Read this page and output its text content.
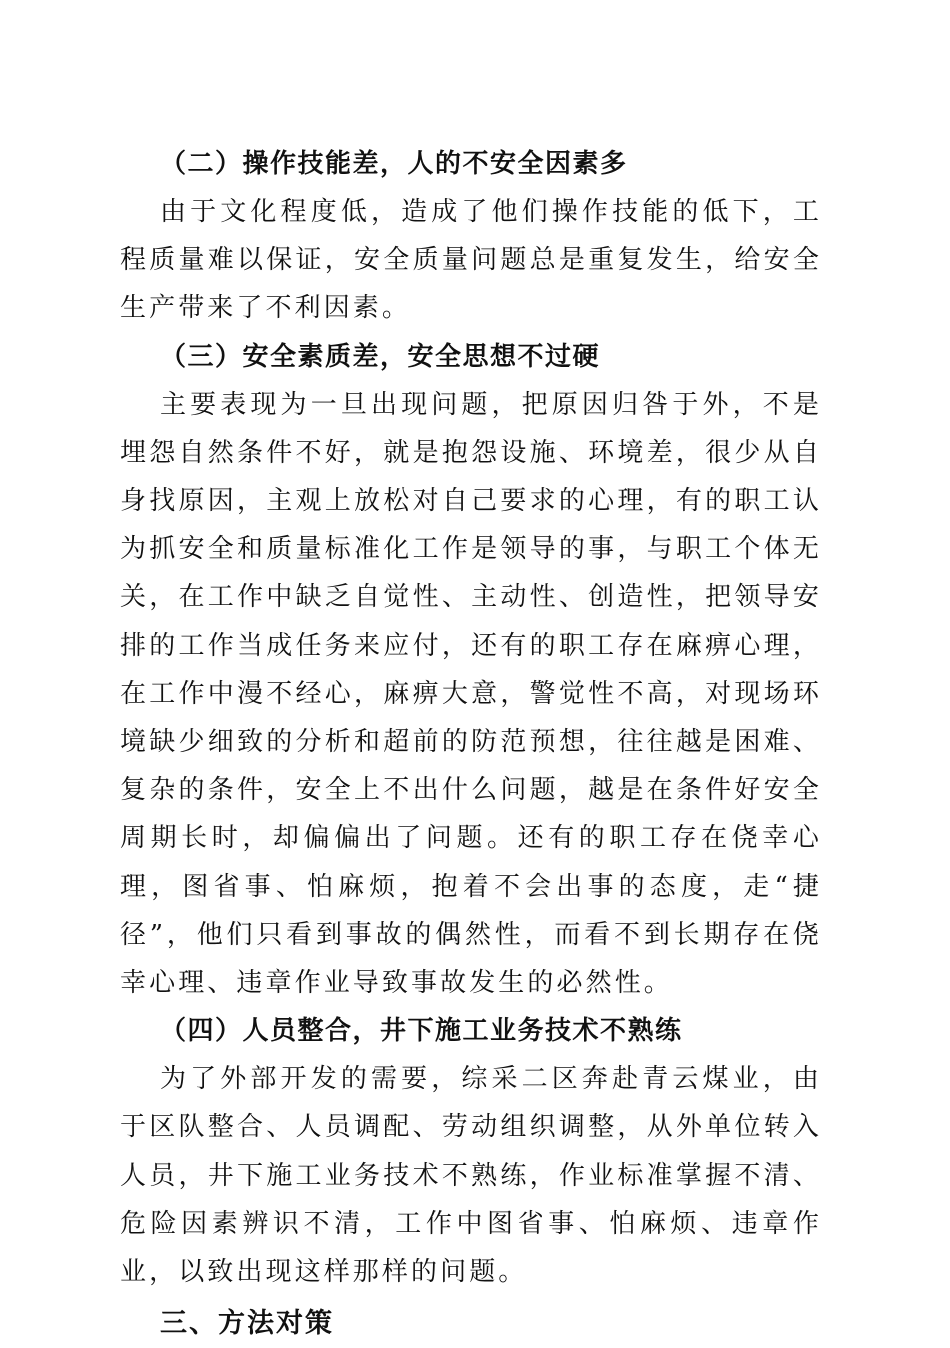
（二）操作技能差，人的不安全因素多

由于文化程度低，造成了他们操作技能的低下，工程质量难以保证，安全质量问题总是重复发生，给安全生产带来了不利因素。

（三）安全素质差，安全思想不过硬

主要表现为一旦出现问题，把原因归咎于外，不是埋怨自然条件不好，就是抱怨设施、环境差，很少从自身找原因，主观上放松对自己要求的心理，有的职工认为抓安全和质量标准化工作是领导的事，与职工个体无关，在工作中缺乏自觉性、主动性、创造性，把领导安排的工作当成任务来应付，还有的职工存在麻痹心理，在工作中漫不经心，麻痹大意，警觉性不高，对现场环境缺少细致的分析和超前的防范预想，往往越是困难、复杂的条件，安全上不出什么问题，越是在条件好安全周期长时，却偏偏出了问题。还有的职工存在侥幸心理，图省事、怕麻烦，抱着不会出事的态度，走“捷径”，他们只看到事故的偶然性，而看不到长期存在侥幸心理、违章作业导致事故发生的必然性。

（四）人员整合，井下施工业务技术不熟练

为了外部开发的需要，综采二区奔赴青云煤业，由于区队整合、人员调配、劳动组织调整，从外单位转入人员，井下施工业务技术不熟练，作业标准掌握不清、危险因素辨识不清，工作中图省事、怕麻烦、违章作业，以致出现这样那样的问题。

三、方法对策
